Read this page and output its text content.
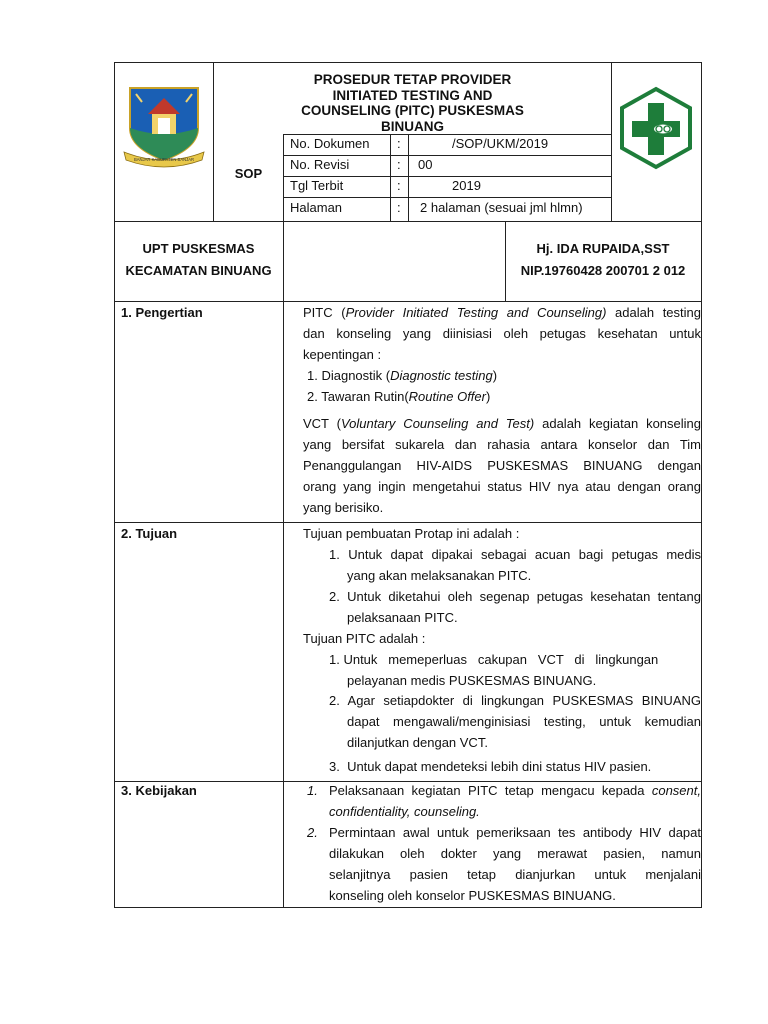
BANJAR KABUPATEN BANJAR
PROSEDUR TETAP PROVIDER
INITIATED TESTING AND
COUNSELING (PITC) PUSKESMAS
BINUANG
SOP
No. Dokumen :	/SOP/UKM/2019
No. Revisi	: 00
Tgl Terbit	:	2019
Halaman	: 2 halaman (sesuai jml hlmn)
UPT PUSKESMAS
KECAMATAN BINUANG
Hj. IDA RUPAIDA,SST
NIP.19760428 200701 2 012
1. Pengertian	PITC (Provider Initiated Testing and Counseling) adalah testing
dan konseling yang diinisiasi oleh petugas kesehatan untuk
kepentingan :
1. Diagnostik (Diagnostic testing)
2. Tawaran Rutin(Routine Offer)
VCT (Voluntary Counseling and Test) adalah kegiatan konseling
yang bersifat sukarela dan rahasia antara konselor dan Tim
Penanggulangan HIV-AIDS PUSKESMAS BINUANG dengan
orang yang ingin mengetahui status HIV nya atau dengan orang
yang berisiko.
2. Tujuan	Tujuan pembuatan Protap ini adalah :
1. Untuk dapat dipakai sebagai acuan bagi petugas medis
yang akan melaksanakan PITC.
2. Untuk diketahui oleh segenap petugas kesehatan tentang
pelaksanaan PITC.
Tujuan PITC adalah :
1. Untuk   memeperluas   cakupan   VCT   di   lingkungan
pelayanan medis PUSKESMAS BINUANG.
2. Agar setiapdokter di lingkungan PUSKESMAS BINUANG
dapat mengawali/menginisiasi testing, untuk kemudian
dilanjutkan dengan VCT.
3.  Untuk dapat mendeteksi lebih dini status HIV pasien.
3. Kebijakan	1. Pelaksanaan kegiatan PITC tetap mengacu kepada consent,
confidentiality, counseling.
2. Permintaan awal untuk pemeriksaan tes antibody HIV dapat
dilakukan oleh dokter yang merawat pasien, namun
selanjitnya pasien tetap dianjurkan untuk menjalani
konseling oleh konselor PUSKESMAS BINUANG.
